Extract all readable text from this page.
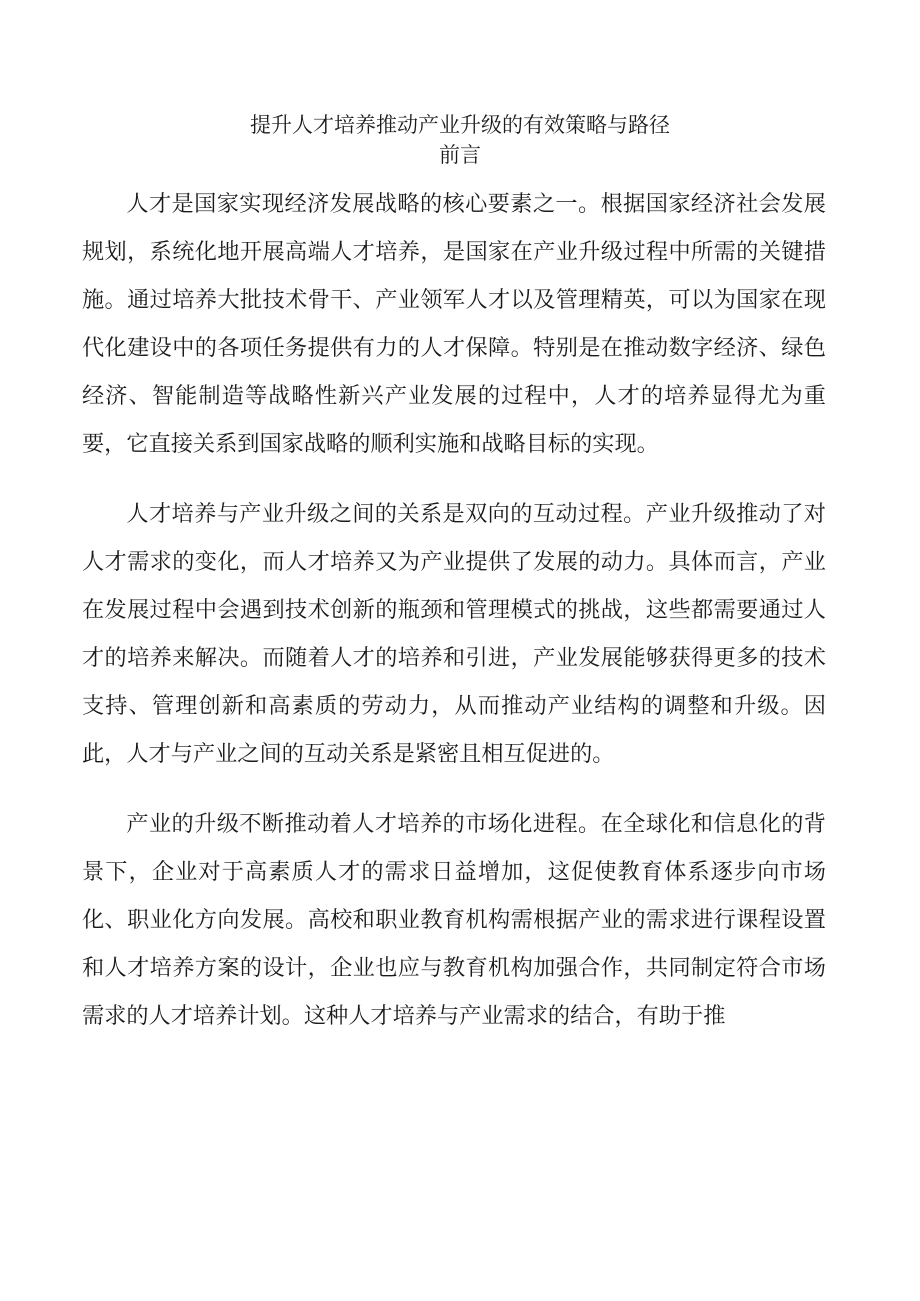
提升人才培养推动产业升级的有效策略与路径
前言

人才是国家实现经济发展战略的核心要素之一。根据国家经济社会发展规划，系统化地开展高端人才培养，是国家在产业升级过程中所需的关键措施。通过培养大批技术骨干、产业领军人才以及管理精英，可以为国家在现代化建设中的各项任务提供有力的人才保障。特别是在推动数字经济、绿色经济、智能制造等战略性新兴产业发展的过程中，人才的培养显得尤为重要，它直接关系到国家战略的顺利实施和战略目标的实现。

人才培养与产业升级之间的关系是双向的互动过程。产业升级推动了对人才需求的变化，而人才培养又为产业提供了发展的动力。具体而言，产业在发展过程中会遇到技术创新的瓶颈和管理模式的挑战，这些都需要通过人才的培养来解决。而随着人才的培养和引进，产业发展能够获得更多的技术支持、管理创新和高素质的劳动力，从而推动产业结构的调整和升级。因此，人才与产业之间的互动关系是紧密且相互促进的。

产业的升级不断推动着人才培养的市场化进程。在全球化和信息化的背景下，企业对于高素质人才的需求日益增加，这促使教育体系逐步向市场化、职业化方向发展。高校和职业教育机构需根据产业的需求进行课程设置和人才培养方案的设计，企业也应与教育机构加强合作，共同制定符合市场需求的人才培养计划。这种人才培养与产业需求的结合，有助于推
